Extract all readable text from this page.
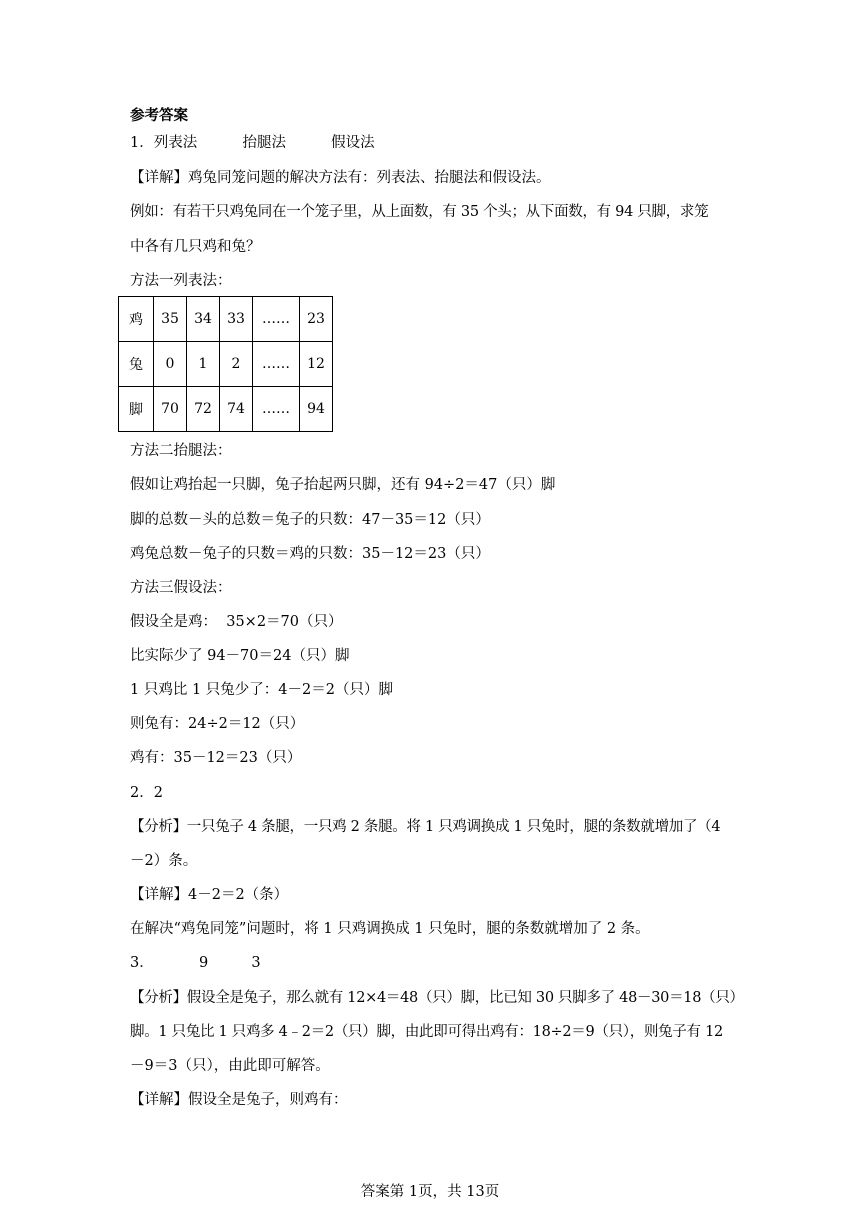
参考答案
1．列表法	抬腿法	假设法
【详解】鸡兔同笼问题的解决方法有：列表法、抬腿法和假设法。
例如：有若干只鸡兔同在一个笼子里，从上面数，有 35 个头；从下面数，有 94 只脚，求笼
中各有几只鸡和兔？
方法一列表法：
方法二抬腿法：
假如让鸡抬起一只脚，兔子抬起两只脚，还有 94÷2＝47（只）脚
脚的总数－头的总数＝兔子的只数：47－35＝12（只）
鸡兔总数－兔子的只数＝鸡的只数：35－12＝23（只）
方法三假设法：
假设全是鸡：  35×2＝70（只）
比实际少了 94－70＝24（只）脚
1 只鸡比 1 只兔少了：4－2＝2（只）脚
则兔有：24÷2＝12（只）
鸡有：35－12＝23（只）
2．2
【分析】一只兔子 4 条腿，一只鸡 2 条腿。将 1 只鸡调换成 1 只兔时，腿的条数就增加了（4
－2）条。
【详解】4－2＝2（条）
在解决“鸡兔同笼”问题时，将 1 只鸡调换成 1 只兔时，腿的条数就增加了 2 条。
3．	9	3
【分析】假设全是兔子，那么就有 12×4＝48（只）脚，比已知 30 只脚多了 48－30＝18（只）
脚。1 只兔比 1 只鸡多 4﹣2＝2（只）脚，由此即可得出鸡有：18÷2＝9（只），则兔子有 12
－9＝3（只），由此即可解答。
【详解】假设全是兔子，则鸡有：
鸡	35	34	33	……	23
兔	0	1	2	……	12
脚	70	72	74	……	94
答案第 1页，共 13页
